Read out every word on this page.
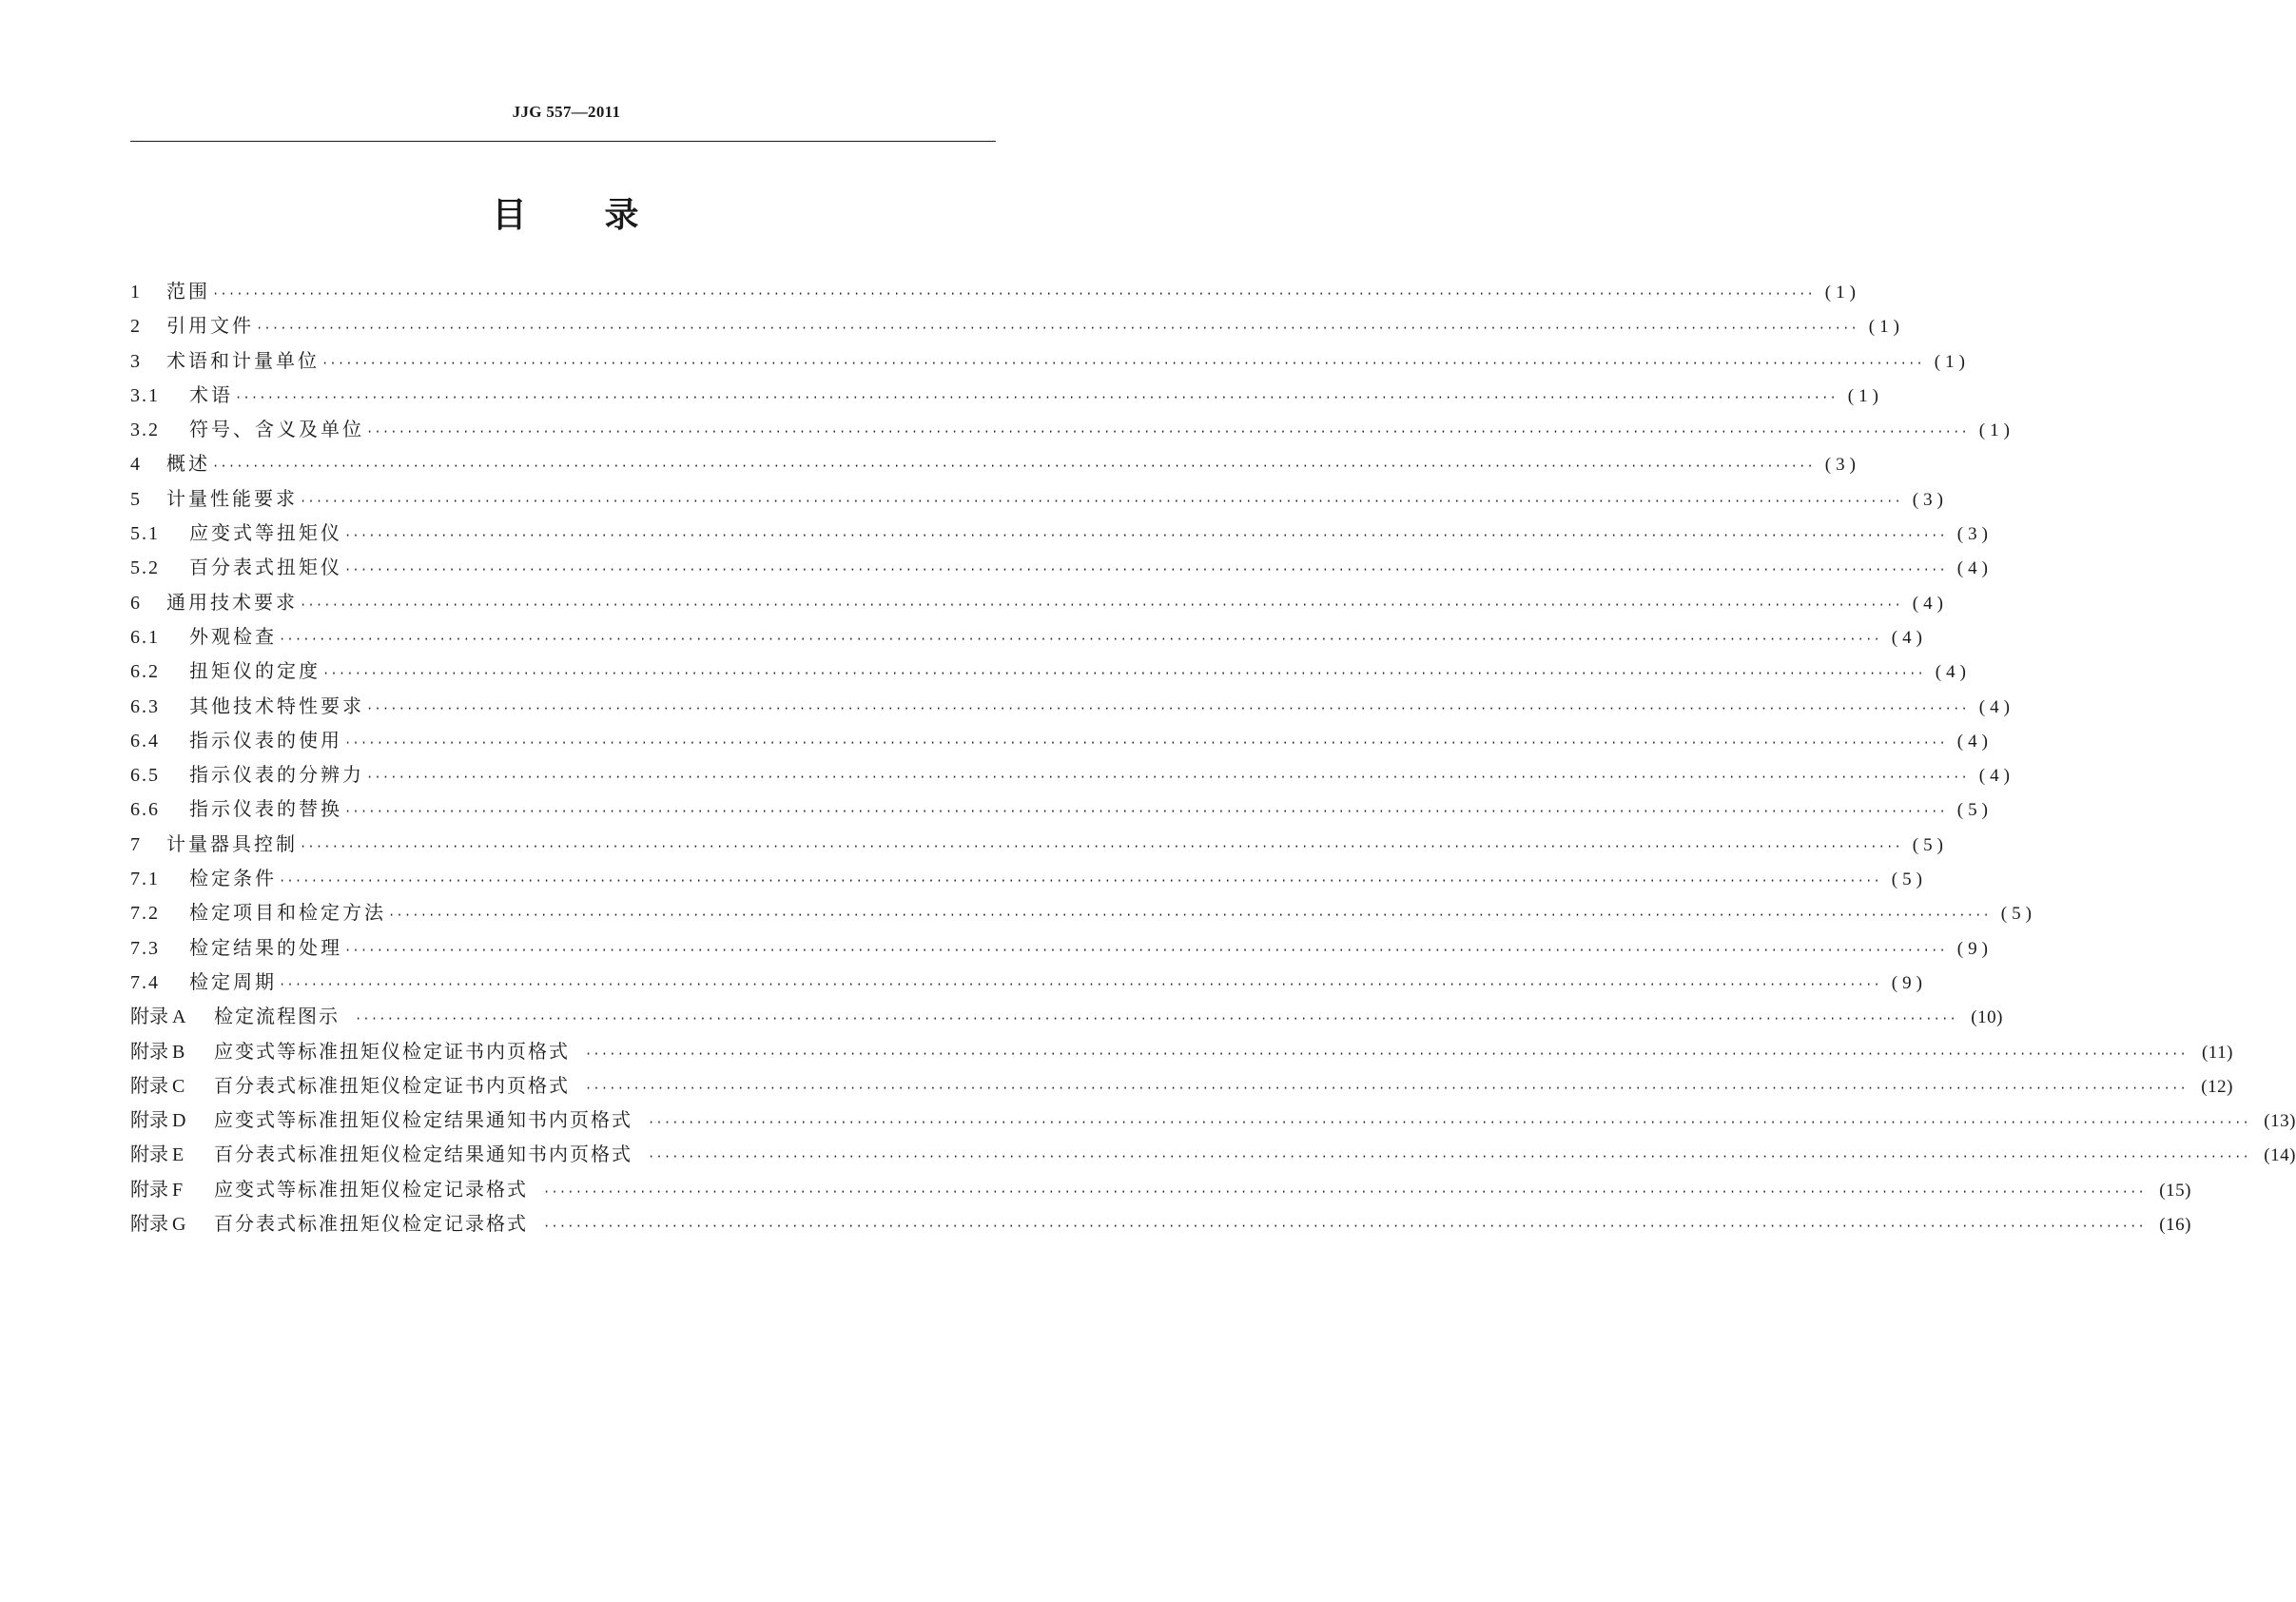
JJG 557—2011
目 录
1	范围 ········································································································································································································ (1)
2	引用文件 ········································································································································································································ (1)
3	术语和计量单位 ········································································································································································································ (1)
3.1	术语 ········································································································································································································ (1)
3.2	符号、含义及单位 ········································································································································································································ (1)
4	概述 ········································································································································································································ (3)
5	计量性能要求 ········································································································································································································ (3)
5.1	应变式等扭矩仪 ········································································································································································································ (3)
5.2	百分表式扭矩仪 ········································································································································································································ (4)
6	通用技术要求 ········································································································································································································ (4)
6.1	外观检查 ········································································································································································································ (4)
6.2	扭矩仪的定度 ········································································································································································································ (4)
6.3	其他技术特性要求 ········································································································································································································ (4)
6.4	指示仪表的使用 ········································································································································································································ (4)
6.5	指示仪表的分辨力 ········································································································································································································ (4)
6.6	指示仪表的替换 ········································································································································································································ (5)
7	计量器具控制 ········································································································································································································ (5)
7.1	检定条件 ········································································································································································································ (5)
7.2	检定项目和检定方法 ········································································································································································································ (5)
7.3	检定结果的处理 ········································································································································································································ (9)
7.4	检定周期 ········································································································································································································ (9)
附录 A	检定流程图示 ········································································································································································································ (10)
附录 B	应变式等标准扭矩仪检定证书内页格式 ········································································································································································································ (11)
附录 C	百分表式标准扭矩仪检定证书内页格式 ········································································································································································································ (12)
附录 D	应变式等标准扭矩仪检定结果通知书内页格式 ········································································································································································································ (13)
附录 E	百分表式标准扭矩仪检定结果通知书内页格式 ········································································································································································································ (14)
附录 F	应变式等标准扭矩仪检定记录格式 ········································································································································································································ (15)
附录 G	百分表式标准扭矩仪检定记录格式 ········································································································································································································ (16)
